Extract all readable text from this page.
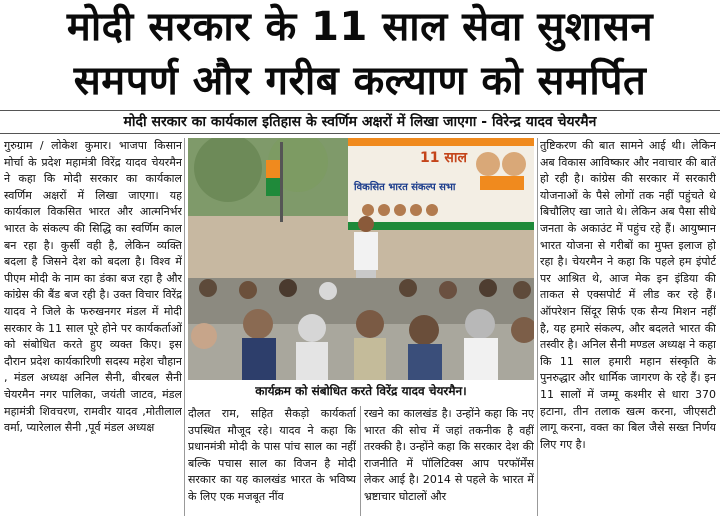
मोदी सरकार के 11 साल सेवा सुशासन
समपर्ण और गरीब कल्याण को समर्पित
मोदी सरकार का कार्यकाल इतिहास के स्वर्णिम अक्षरों में लिखा जाएगा - विरेन्द्र यादव चेयरमैन

गुरुग्राम / लोकेश कुमार। भाजपा किसान मोर्चा के प्रदेश महामंत्री विरेंद्र यादव चेयरमैन ने कहा कि मोदी सरकार का कार्यकाल स्वर्णिम अक्षरों में लिखा जाएगा। यह कार्यकाल विकसित भारत और आत्मनिर्भर भारत के संकल्प की सिद्धि का स्वर्णिम काल बन रहा है। कुर्सी वही है, लेकिन व्यक्ति बदला है जिसने देश को बदला है। विश्व में पीएम मोदी के नाम का डंका बज रहा है और कांग्रेस की बैंड बज रही है। उक्त विचार विरेंद्र यादव ने जिले के फरुखनगर मंडल में मोदी सरकार के 11 साल पूरे होने पर कार्यकर्ताओं को संबोधित करते हुए व्यक्त किए। इस दौरान प्रदेश कार्यकारिणी सदस्य महेश चौहान , मंडल अध्यक्ष अनिल सैनी, बीरबल सैनी चेयरमैन नगर पालिका, जयंती जाटव, मंडल महामंत्री शिवचरण, रामवीर यादव ,मोतीलाल वर्मा, प्यारेलाल सैनी ,पूर्व मंडल अध्यक्ष

11 साल
विकसित भारत संकल्प सभा
कार्यक्रम को संबोधित करते विरेंद्र यादव चेयरमैन।

दौलत राम, सहित सैकड़ो कार्यकर्ता उपस्थित मौजूद रहे। यादव ने कहा कि प्रधानमंत्री मोदी के पास पांच साल का नहीं बल्कि पचास साल का विजन है मोदी सरकार का यह कालखंड भारत के भविष्य के लिए एक मजबूत नींव

रखने का कालखंड है। उन्होंने कहा कि नए भारत की सोच में जहां तकनीक है वहीं तरक्की है। उन्होंने कहा कि सरकार देश की राजनीति में पॉलिटिक्स आप परफॉर्मेंस लेकर आई है। 2014 से पहले के भारत में भ्रष्टाचार घोटालों और

तुष्टिकरण की बात सामने आई थी। लेकिन अब विकास आविष्कार और नवाचार की बातें हो रही है। कांग्रेस की सरकार में सरकारी योजनाओं के पैसे लोगों तक नहीं पहुंचते थे बिचौलिए खा जाते थे। लेकिन अब पैसा सीधे जनता के अकाउंट में पहुंच रहे हैं। आयुष्मान भारत योजना से गरीबों का मुफ्त इलाज हो रहा है। चेयरमैन ने कहा कि पहले हम इंपोर्ट पर आश्रित थे, आज मेक इन इंडिया की ताकत से एक्सपोर्ट में लीड कर रहे हैं। ऑपरेशन सिंदूर सिर्फ एक सैन्य मिशन नहीं है, यह हमारे संकल्प, और बदलते भारत की तस्वीर है। अनिल सैनी मण्डल अध्यक्ष ने कहा कि 11 साल हमारी महान संस्कृति के पुनरुद्धार और धार्मिक जागरण के रहे हैं। इन 11 सालों में जम्मू कश्मीर से धारा 370 हटाना, तीन तलाक खत्म करना, जीएसटी लागू करना, वक्त का बिल जैसे सख्त निर्णय लिए गए है।
